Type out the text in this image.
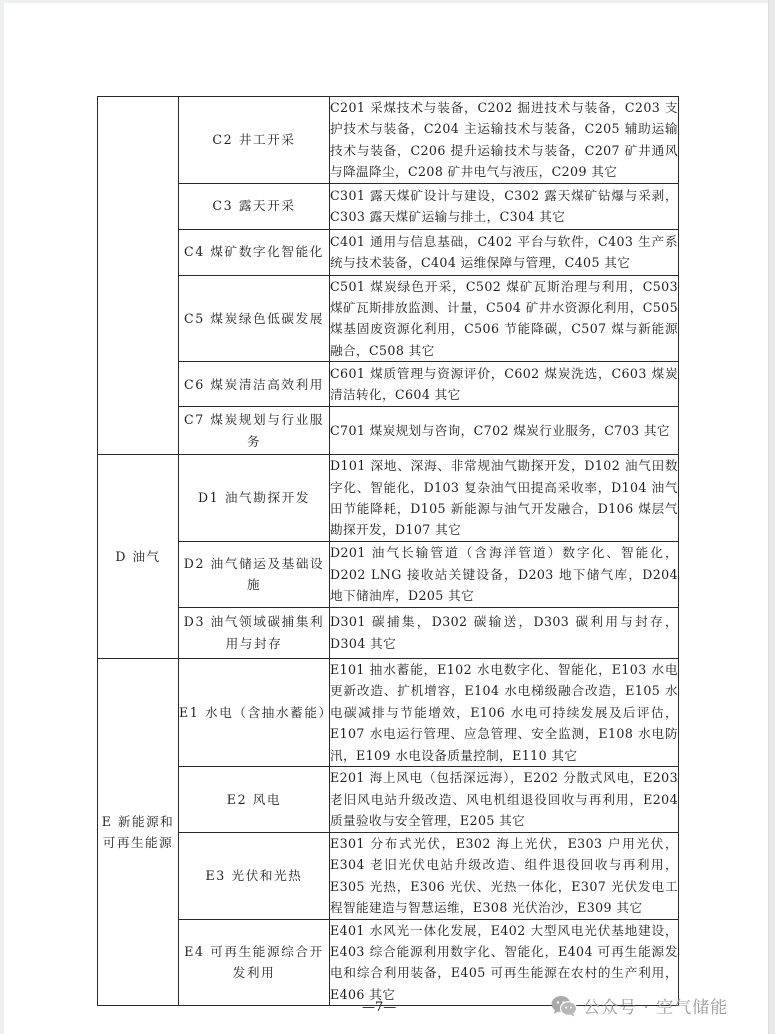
	C2 井工开采	C201 采煤技术与装备，C202 掘进技术与装备，C203 支护技术与装备，C204 主运输技术与装备，C205 辅助运输技术与装备，C206 提升运输技术与装备，C207 矿井通风与降温降尘，C208 矿井电气与液压，C209 其它
	C3 露天开采	C301 露天煤矿设计与建设，C302 露天煤矿钻爆与采剥，C303 露天煤矿运输与排土，C304 其它
	C4 煤矿数字化智能化	C401 通用与信息基础，C402 平台与软件，C403 生产系统与技术装备，C404 运维保障与管理，C405 其它
	C5 煤炭绿色低碳发展	C501 煤炭绿色开采，C502 煤矿瓦斯治理与利用，C503 煤矿瓦斯排放监测、计量，C504 矿井水资源化利用，C505 煤基固废资源化利用，C506 节能降碳，C507 煤与新能源融合，C508 其它
	C6 煤炭清洁高效利用	C601 煤质管理与资源评价，C602 煤炭洗选，C603 煤炭清洁转化，C604 其它
	C7 煤炭规划与行业服务	C701 煤炭规划与咨询，C702 煤炭行业服务，C703 其它
D 油气	D1 油气勘探开发	D101 深地、深海、非常规油气勘探开发，D102 油气田数字化、智能化，D103 复杂油气田提高采收率，D104 油气田节能降耗，D105 新能源与油气开发融合，D106 煤层气勘探开发，D107 其它
	D2 油气储运及基础设施	D201 油气长输管道（含海洋管道）数字化、智能化，D202 LNG 接收站关键设备，D203 地下储气库，D204 地下储油库，D205 其它
	D3 油气领域碳捕集利用与封存	D301 碳捕集，D302 碳输送，D303 碳利用与封存，D304 其它
E 新能源和可再生能源	E1 水电（含抽水蓄能）	E101 抽水蓄能，E102 水电数字化、智能化，E103 水电更新改造、扩机增容，E104 水电梯级融合改造，E105 水电碳减排与节能增效，E106 水电可持续发展及后评估，E107 水电运行管理、应急管理、安全监测，E108 水电防汛，E109 水电设备质量控制，E110 其它
	E2 风电	E201 海上风电（包括深远海），E202 分散式风电，E203 老旧风电站升级改造、风电机组退役回收与再利用，E204 质量验收与安全管理，E205 其它
	E3 光伏和光热	E301 分布式光伏，E302 海上光伏，E303 户用光伏，E304 老旧光伏电站升级改造、组件退役回收与再利用，E305 光热，E306 光伏、光热一体化，E307 光伏发电工程智能建造与智慧运维，E308 光伏治沙，E309 其它
	E4 可再生能源综合开发利用	E401 水风光一体化发展，E402 大型风电光伏基地建设，E403 综合能源利用数字化、智能化，E404 可再生能源发电和综合利用装备，E405 可再生能源在农村的生产利用，E406 其它
—7—	公众号 · 空气储能
